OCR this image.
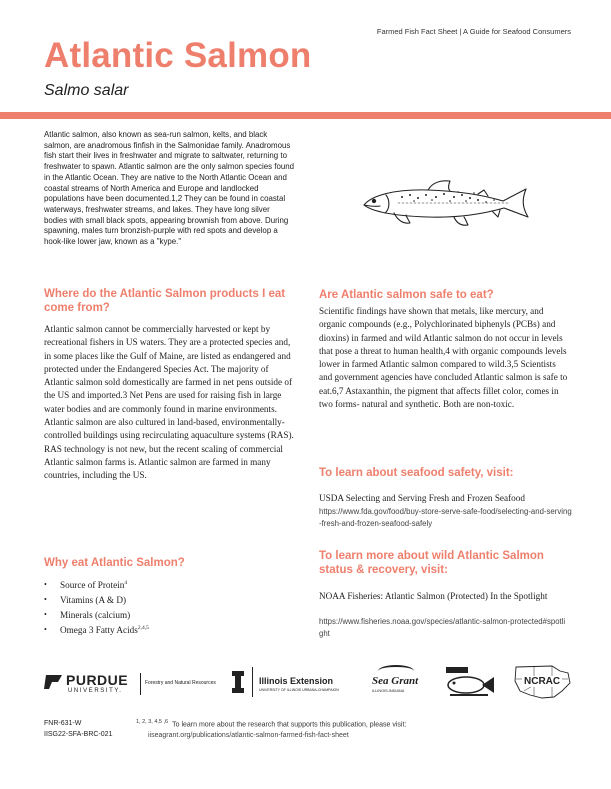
Farmed Fish Fact Sheet | A Guide for Seafood Consumers
Atlantic Salmon
Salmo salar
Atlantic salmon, also known as sea-run salmon, kelts, and black salmon, are anadromous finfish in the Salmonidae family. Anadromous fish start their lives in freshwater and migrate to saltwater, returning to freshwater to spawn. Atlantic salmon are the only salmon species found in the Atlantic Ocean. They are native to the North Atlantic Ocean and coastal streams of North America and Europe and landlocked populations have been documented.1,2 They can be found in coastal waterways, freshwater streams, and lakes. They have long silver bodies with small black spots, appearing brownish from above. During spawning, males turn bronzish-purple with red spots and develop a hook-like lower jaw, known as a "kype."
Where do the Atlantic Salmon products I eat come from?
Atlantic salmon cannot be commercially harvested or kept by recreational fishers in US waters. They are a protected species and, in some places like the Gulf of Maine, are listed as endangered and protected under the Endangered Species Act. The majority of Atlantic salmon sold domestically are farmed in net pens outside of the US and imported.3 Net Pens are used for raising fish in large water bodies and are commonly found in marine environments. Atlantic salmon are also cultured in land-based, environmentally-controlled buildings using recirculating aquaculture systems (RAS). RAS technology is not new, but the recent scaling of commercial Atlantic salmon farms is. Atlantic salmon are farmed in many countries, including the US.
Why eat Atlantic Salmon?
• Source of Protein$^4$
• Vitamins (A & D)
• Minerals (calcium)
• Omega 3 Fatty Acids$^{2,4,5}$
Are Atlantic salmon safe to eat?
Scientific findings have shown that metals, like mercury, and organic compounds (e.g., Polychlorinated biphenyls (PCBs) and dioxins) in farmed and wild Atlantic salmon do not occur in levels that pose a threat to human health,4 with organic compounds levels lower in farmed Atlantic salmon compared to wild.3,5 Scientists and government agencies have concluded Atlantic salmon is safe to eat.6,7 Astaxanthin, the pigment that affects fillet color, comes in two forms- natural and synthetic. Both are non-toxic.
To learn about seafood safety, visit:
USDA Selecting and Serving Fresh and Frozen Seafood
https://www.fda.gov/food/buy-store-serve-safe-food/selecting-and-serving-fresh-and-frozen-seafood-safely
To learn more about wild Atlantic Salmon status & recovery, visit:
NOAA Fisheries: Atlantic Salmon (Protected) In the Spotlight
https://www.fisheries.noaa.gov/species/atlantic-salmon-protected#spotlight
PURDUE
UNIVERSITY.
Forestry and Natural Resources	Illinois Extension
UNIVERSITY OF ILLINOIS URBANA-CHAMPAIGN
Sea Grant
ILLINOIS-INDIANA
NCRAC
FNR-631-W
IISG22-SFA-BRC-021
$^{1, 2, 3, 4,5 ,6}$ To learn more about the research that supports this publication, please visit:
iiseagrant.org/publications/atlantic-salmon-farmed-fish-fact-sheet
